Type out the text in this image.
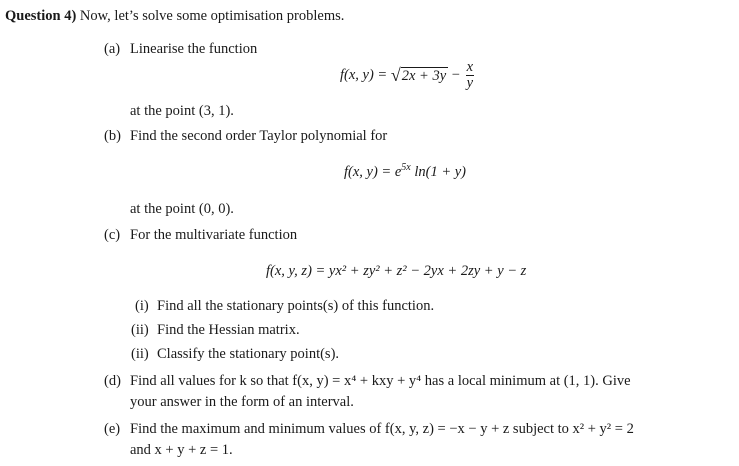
Question 4) Now, let’s solve some optimisation problems.
(a) Linearise the function
f(x, $y) = √2x + 3y - \frac{x}{y}$
at the point (3, 1).
(b) Find the second order Taylor polynomial for
f(x, $y) = e^{5x}$ ln(1 + y)
at the point (0, 0).
(c) For the multivariate function
f(x, y, z) = yx² + zy² + z² − 2yx + 2zy + y − z
(i) Find all the stationary points(s) of this function.
(ii) Find the Hessian matrix.
(ii) Classify the stationary point(s).
(d) Find all values for k so that f(x, y) = x⁴ + kxy + y⁴ has a local minimum at (1, 1). Give
your answer in the form of an interval.
(e) Find the maximum and minimum values of f(x, y, z) = −x − y + z subject to x² + y² = 2
and x + y + z = 1.
